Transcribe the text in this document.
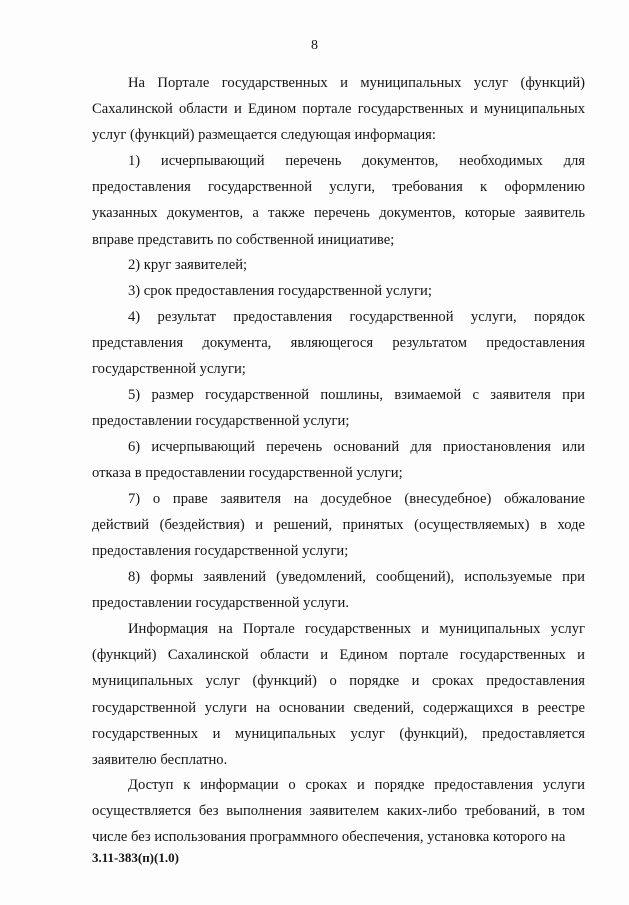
8

На Портале государственных и муниципальных услуг (функций)
Сахалинской области и Едином портале государственных и муниципальных
услуг (функций) размещается следующая информация:

1) исчерпывающий перечень документов, необходимых для
предоставления государственной услуги, требования к оформлению
указанных документов, а также перечень документов, которые заявитель
вправе представить по собственной инициативе;

2) круг заявителей;

3) срок предоставления государственной услуги;

4) результат предоставления государственной услуги, порядок
представления документа, являющегося результатом предоставления
государственной услуги;

5) размер государственной пошлины, взимаемой с заявителя при
предоставлении государственной услуги;

6) исчерпывающий перечень оснований для приостановления или
отказа в предоставлении государственной услуги;

7) о праве заявителя на досудебное (внесудебное) обжалование
действий (бездействия) и решений, принятых (осуществляемых) в ходе
предоставления государственной услуги;

8) формы заявлений (уведомлений, сообщений), используемые при
предоставлении государственной услуги.

Информация на Портале государственных и муниципальных услуг
(функций) Сахалинской области и Едином портале государственных и
муниципальных услуг (функций) о порядке и сроках предоставления
государственной услуги на основании сведений, содержащихся в реестре
государственных и муниципальных услуг (функций), предоставляется
заявителю бесплатно.

Доступ к информации о сроках и порядке предоставления услуги
осуществляется без выполнения заявителем каких-либо требований, в том
числе без использования программного обеспечения, установка которого на

3.11-383(п)(1.0)
